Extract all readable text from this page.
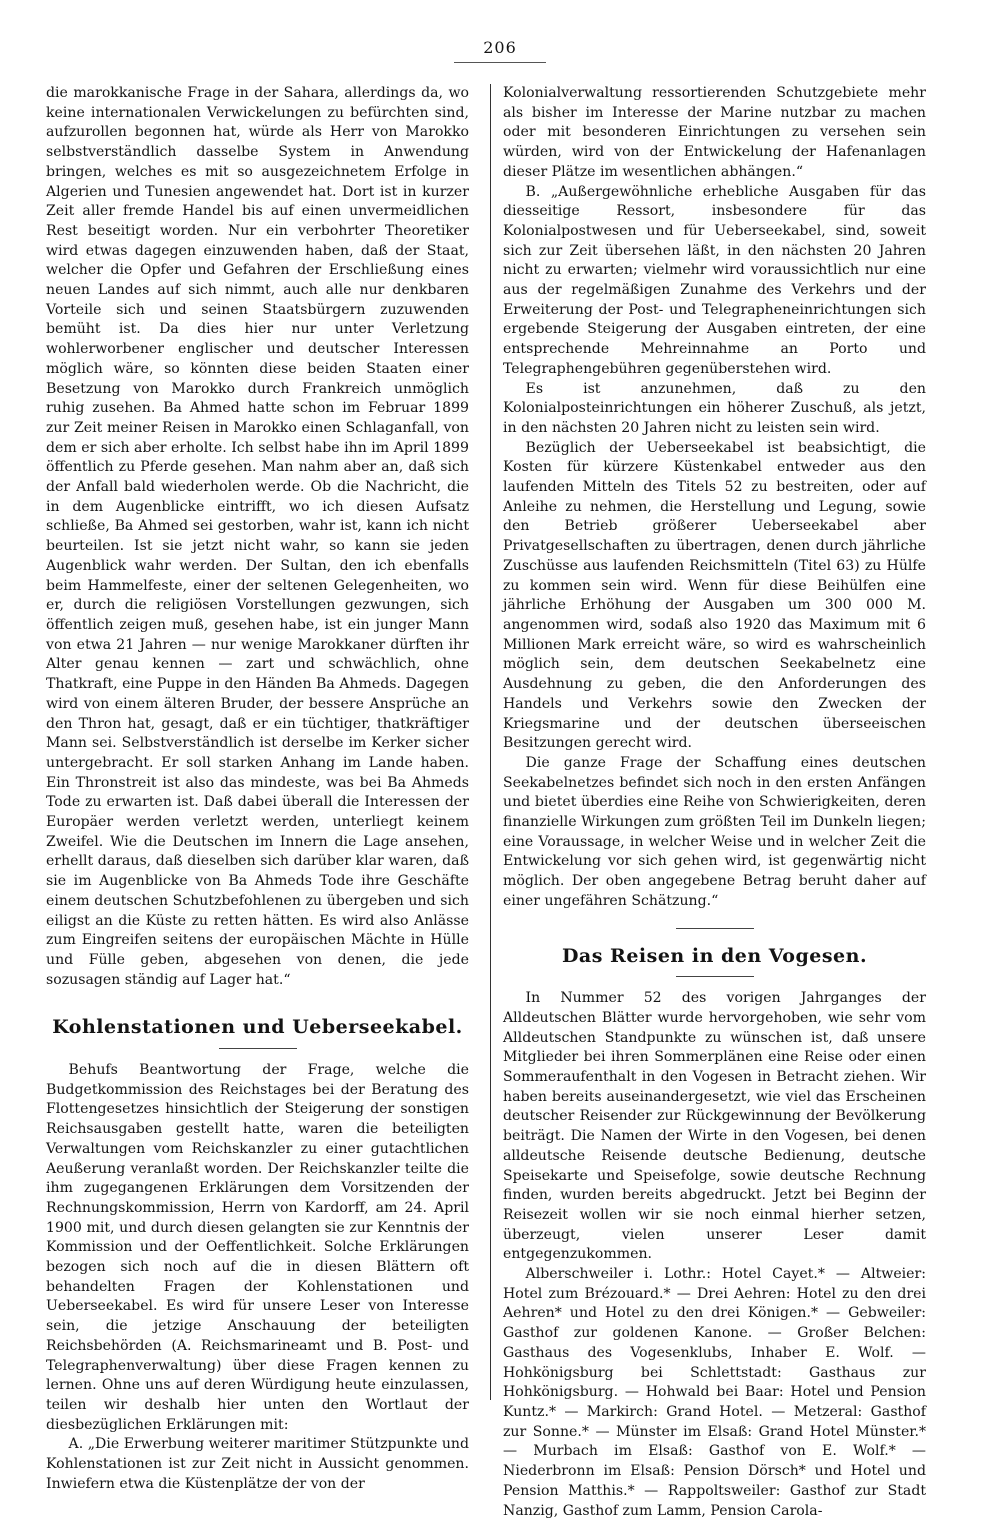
206

die marokkanische Frage in der Sahara, allerdings da, wo keine internationalen Verwickelungen zu befürchten sind, aufzurollen begonnen hat, würde als Herr von Marokko selbstverständlich dasselbe System in Anwendung bringen, welches es mit so ausgezeichnetem Erfolge in Algerien und Tunesien angewendet hat. Dort ist in kurzer Zeit aller fremde Handel bis auf einen unvermeidlichen Rest beseitigt worden. Nur ein verbohrter Theoretiker wird etwas dagegen einzuwenden haben, daß der Staat, welcher die Opfer und Gefahren der Erschließung eines neuen Landes auf sich nimmt, auch alle nur denkbaren Vorteile sich und seinen Staatsbürgern zuzuwenden bemüht ist. Da dies hier nur unter Verletzung wohlerworbener englischer und deutscher Interessen möglich wäre, so könnten diese beiden Staaten einer Besetzung von Marokko durch Frankreich unmöglich ruhig zusehen. Ba Ahmed hatte schon im Februar 1899 zur Zeit meiner Reisen in Marokko einen Schlaganfall, von dem er sich aber erholte. Ich selbst habe ihn im April 1899 öffentlich zu Pferde gesehen. Man nahm aber an, daß sich der Anfall bald wiederholen werde. Ob die Nachricht, die in dem Augenblicke eintrifft, wo ich diesen Aufsatz schließe, Ba Ahmed sei gestorben, wahr ist, kann ich nicht beurteilen. Ist sie jetzt nicht wahr, so kann sie jeden Augenblick wahr werden. Der Sultan, den ich ebenfalls beim Hammelfeste, einer der seltenen Gelegenheiten, wo er, durch die religiösen Vorstellungen gezwungen, sich öffentlich zeigen muß, gesehen habe, ist ein junger Mann von etwa 21 Jahren — nur wenige Marokkaner dürften ihr Alter genau kennen — zart und schwächlich, ohne Thatkraft, eine Puppe in den Händen Ba Ahmeds. Dagegen wird von einem älteren Bruder, der bessere Ansprüche an den Thron hat, gesagt, daß er ein tüchtiger, thatkräftiger Mann sei. Selbstverständlich ist derselbe im Kerker sicher untergebracht. Er soll starken Anhang im Lande haben. Ein Thronstreit ist also das mindeste, was bei Ba Ahmeds Tode zu erwarten ist. Daß dabei überall die Interessen der Europäer werden verletzt werden, unterliegt keinem Zweifel. Wie die Deutschen im Innern die Lage ansehen, erhellt daraus, daß dieselben sich darüber klar waren, daß sie im Augenblicke von Ba Ahmeds Tode ihre Geschäfte einem deutschen Schutzbefohlenen zu übergeben und sich eiligst an die Küste zu retten hätten. Es wird also Anlässe zum Eingreifen seitens der europäischen Mächte in Hülle und Fülle geben, abgesehen von denen, die jede sozusagen ständig auf Lager hat.“

Kohlenstationen und Ueberseekabel.

Behufs Beantwortung der Frage, welche die Budgetkommission des Reichstages bei der Beratung des Flottengesetzes hinsichtlich der Steigerung der sonstigen Reichsausgaben gestellt hatte, waren die beteiligten Verwaltungen vom Reichskanzler zu einer gutachtlichen Aeußerung veranlaßt worden. Der Reichskanzler teilte die ihm zugegangenen Erklärungen dem Vorsitzenden der Rechnungskommission, Herrn von Kardorff, am 24. April 1900 mit, und durch diesen gelangten sie zur Kenntnis der Kommission und der Oeffentlichkeit. Solche Erklärungen bezogen sich noch auf die in diesen Blättern oft behandelten Fragen der Kohlenstationen und Ueberseekabel. Es wird für unsere Leser von Interesse sein, die jetzige Anschauung der beteiligten Reichsbehörden (A. Reichsmarineamt und B. Post- und Telegraphenverwaltung) über diese Fragen kennen zu lernen. Ohne uns auf deren Würdigung heute einzulassen, teilen wir deshalb hier unten den Wortlaut der diesbezüglichen Erklärungen mit:

A. „Die Erwerbung weiterer maritimer Stützpunkte und Kohlenstationen ist zur Zeit nicht in Aussicht genommen. Inwiefern etwa die Küstenplätze der von der

Kolonialverwaltung ressortierenden Schutzgebiete mehr als bisher im Interesse der Marine nutzbar zu machen oder mit besonderen Einrichtungen zu versehen sein würden, wird von der Entwickelung der Hafenanlagen dieser Plätze im wesentlichen abhängen.“

B. „Außergewöhnliche erhebliche Ausgaben für das diesseitige Ressort, insbesondere für das Kolonialpostwesen und für Ueberseekabel, sind, soweit sich zur Zeit übersehen läßt, in den nächsten 20 Jahren nicht zu erwarten; vielmehr wird voraussichtlich nur eine aus der regelmäßigen Zunahme des Verkehrs und der Erweiterung der Post- und Telegrapheneinrichtungen sich ergebende Steigerung der Ausgaben eintreten, der eine entsprechende Mehreinnahme an Porto und Telegraphengebühren gegenüberstehen wird.

Es ist anzunehmen, daß zu den Kolonialposteinrichtungen ein höherer Zuschuß, als jetzt, in den nächsten 20 Jahren nicht zu leisten sein wird.

Bezüglich der Ueberseekabel ist beabsichtigt, die Kosten für kürzere Küstenkabel entweder aus den laufenden Mitteln des Titels 52 zu bestreiten, oder auf Anleihe zu nehmen, die Herstellung und Legung, sowie den Betrieb größerer Ueberseekabel aber Privatgesellschaften zu übertragen, denen durch jährliche Zuschüsse aus laufenden Reichsmitteln (Titel 63) zu Hülfe zu kommen sein wird. Wenn für diese Beihülfen eine jährliche Erhöhung der Ausgaben um 300 000 M. angenommen wird, sodaß also 1920 das Maximum mit 6 Millionen Mark erreicht wäre, so wird es wahrscheinlich möglich sein, dem deutschen Seekabelnetz eine Ausdehnung zu geben, die den Anforderungen des Handels und Verkehrs sowie den Zwecken der Kriegsmarine und der deutschen überseeischen Besitzungen gerecht wird.

Die ganze Frage der Schaffung eines deutschen Seekabelnetzes befindet sich noch in den ersten Anfängen und bietet überdies eine Reihe von Schwierigkeiten, deren finanzielle Wirkungen zum größten Teil im Dunkeln liegen; eine Voraussage, in welcher Weise und in welcher Zeit die Entwickelung vor sich gehen wird, ist gegenwärtig nicht möglich. Der oben angegebene Betrag beruht daher auf einer ungefähren Schätzung.“

Das Reisen in den Vogesen.

In Nummer 52 des vorigen Jahrganges der Alldeutschen Blätter wurde hervorgehoben, wie sehr vom Alldeutschen Standpunkte zu wünschen ist, daß unsere Mitglieder bei ihren Sommerplänen eine Reise oder einen Sommeraufenthalt in den Vogesen in Betracht ziehen. Wir haben bereits auseinandergesetzt, wie viel das Erscheinen deutscher Reisender zur Rückgewinnung der Bevölkerung beiträgt. Die Namen der Wirte in den Vogesen, bei denen alldeutsche Reisende deutsche Bedienung, deutsche Speisekarte und Speisefolge, sowie deutsche Rechnung finden, wurden bereits abgedruckt. Jetzt bei Beginn der Reisezeit wollen wir sie noch einmal hierher setzen, überzeugt, vielen unserer Leser damit entgegenzukommen.

Alberschweiler i. Lothr.: Hotel Cayet.* — Altweier: Hotel zum Brézouard.* — Drei Aehren: Hotel zu den drei Aehren* und Hotel zu den drei Königen.* — Gebweiler: Gasthof zur goldenen Kanone. — Großer Belchen: Gasthaus des Vogesenklubs, Inhaber E. Wolf. — Hohkönigsburg bei Schlettstadt: Gasthaus zur Hohkönigsburg. — Hohwald bei Baar: Hotel und Pension Kuntz.* — Markirch: Grand Hotel. — Metzeral: Gasthof zur Sonne.* — Münster im Elsaß: Grand Hotel Münster.* — Murbach im Elsaß: Gasthof von E. Wolf.* — Niederbronn im Elsaß: Pension Dörsch* und Hotel und Pension Matthis.* — Rappoltsweiler: Gasthof zur Stadt Nanzig, Gasthof zum Lamm, Pension Carola-
